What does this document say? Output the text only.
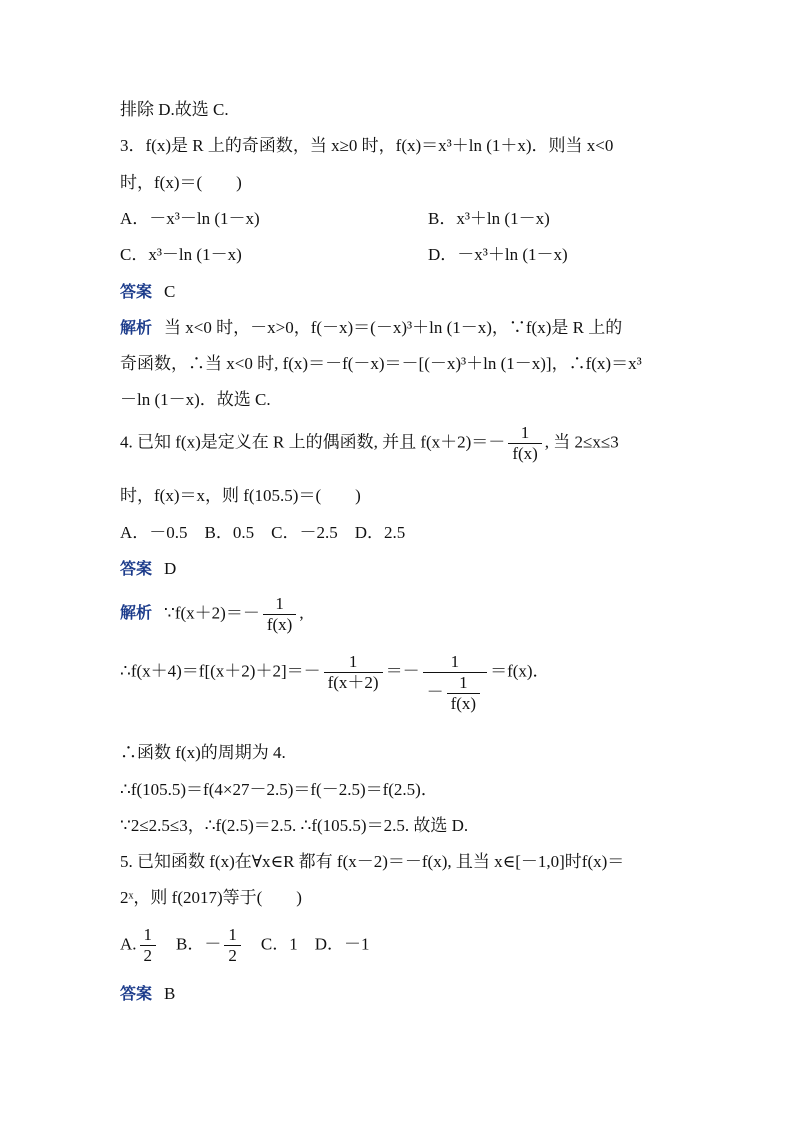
排除 D.故选 C.
3．f(x)是 R 上的奇函数，当 x≥0 时，f(x)＝x³＋ln (1＋x)．则当 x<0
时，f(x)＝(　　)
A．－x³－ln (1－x)	B．x³＋ln (1－x)
C．x³－ln (1－x)	D．－x³＋ln (1－x)
答案 C
解析 当 x<0 时，－x>0，f(－x)＝(－x)³＋ln (1－x)，∵f(x)是 R 上的
奇函数，∴当 x<0 时, f(x)＝－f(－x)＝－[(－x)³＋ln (1－x)]，∴f(x)＝x³
－ln (1－x)．故选 C.
4. 已知 f(x)是定义在 R 上的偶函数, 并且 $f(x+2)=- \frac{1}{f(x)}$ , 当 2≤x≤3
时，f(x)＝x，则 f(105.5)＝(　　)
A．－0.5　B．0.5　C．－2.5　D．2.5
答案 D
解析 ∵f(x＋2)＝－ $\frac{1}{f(x)}$ ,
∴f(x＋4)＝f[(x＋2)＋2]＝－ $\frac{1}{f(x+2)} =- \frac{1}{- \frac{1}{f(x)}} =f(x)$．
∴函数 f(x)的周期为 4.
∴f(105.5)＝f(4×27－2.5)＝f(－2.5)＝f(2.5)．
∵2≤2.5≤3，∴f(2.5)＝2.5. ∴f(105.5)＝2.5. 故选 D.
5. 已知函数 f(x)在∀x∈R 都有 f(x－2)＝－f(x), 且当 x∈[－1,0]时f(x)＝
2ˣ，则 f(2017)等于(　　)
A. $\frac{1}{2}$
　 B．－ $\frac{1}{2}$
　 C．1　D．－1
答案 B
